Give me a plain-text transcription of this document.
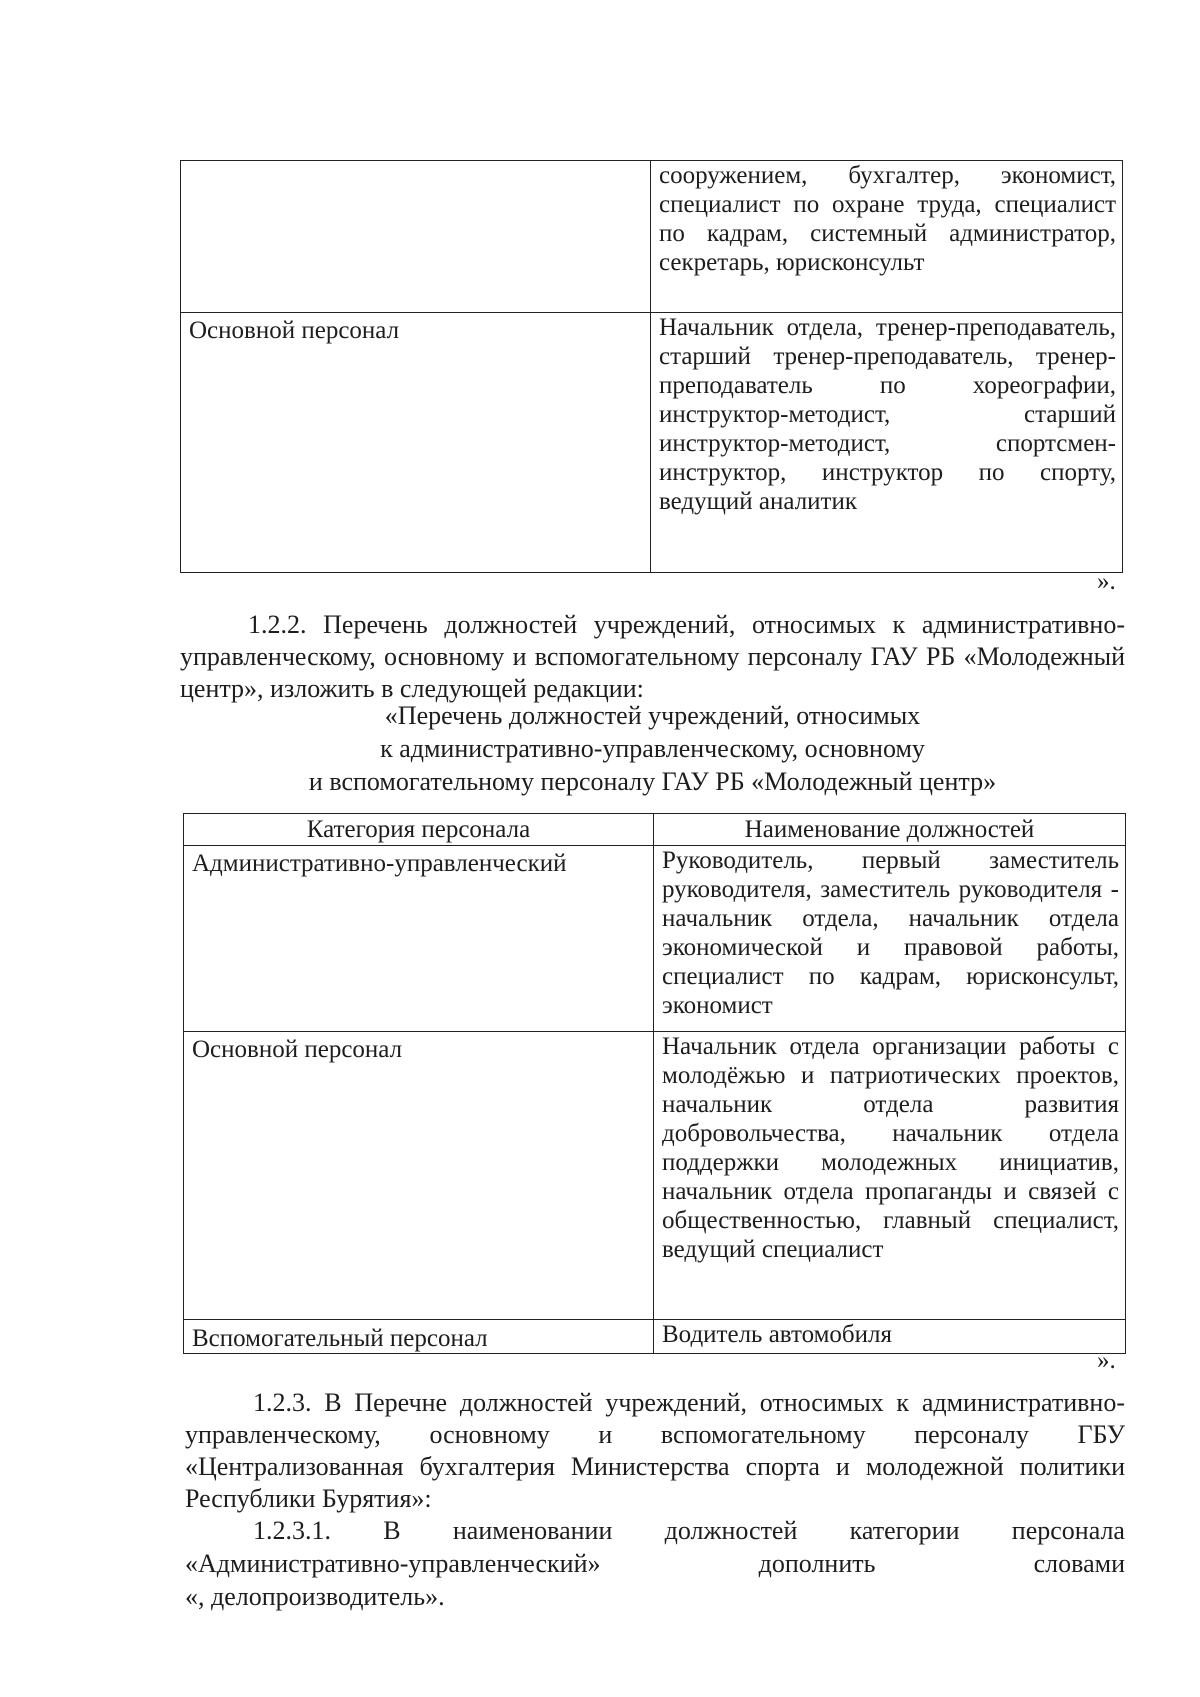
	сооружением, бухгалтер, экономист, специалист по охране труда, специалист по кадрам, системный администратор, секретарь, юрисконсульт
Основной персонал	Начальник отдела, тренер-преподаватель, старший тренер-преподаватель, тренер-преподаватель по хореографии, инструктор-методист, старший инструктор-методист, спортсмен-инструктор, инструктор по спорту, ведущий аналитик
».
1.2.2. Перечень должностей учреждений, относимых к административно-управленческому, основному и вспомогательному персоналу ГАУ РБ «Молодежный центр», изложить в следующей редакции:
«Перечень должностей учреждений, относимых
к административно-управленческому, основному
и вспомогательному персоналу ГАУ РБ «Молодежный центр»
Категория персонала	Наименование должностей
Административно-управленческий	Руководитель, первый заместитель руководителя, заместитель руководителя - начальник отдела, начальник отдела экономической и правовой работы, специалист по кадрам, юрисконсульт, экономист
Основной персонал	Начальник отдела организации работы с молодёжью и патриотических проектов, начальник отдела развития добровольчества, начальник отдела поддержки молодежных инициатив, начальник отдела пропаганды и связей с общественностью, главный специалист, ведущий специалист
Вспомогательный персонал	Водитель автомобиля
».
1.2.3. В Перечне должностей учреждений, относимых к административно-управленческому, основному и вспомогательному персоналу ГБУ «Централизованная бухгалтерия Министерства спорта и молодежной политики Республики Бурятия»:
1.2.3.1. В наименовании должностей категории персонала
«Административно-управленческий»	дополнить	словами
«, делопроизводитель».
